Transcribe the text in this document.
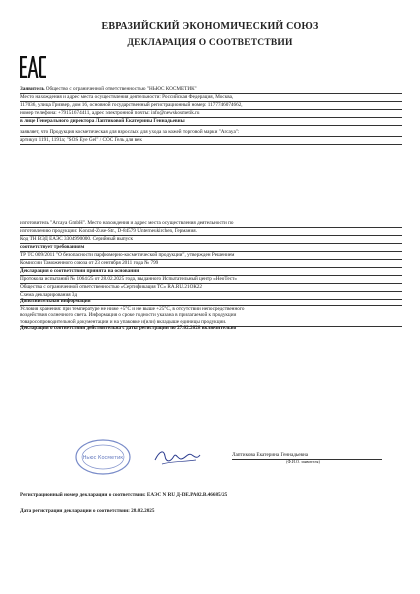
ЕВРАЗИЙСКИЙ ЭКОНОМИЧЕСКИЙ СОЮЗ
ДЕКЛАРАЦИЯ О СООТВЕТСТВИИ
Заявитель Общество с ограниченной ответственностью "НЬЮС КОСМЕТИК"
Место нахождения и адрес места осуществления деятельности: Российская Федерация, Москва,
117036, улица Гризвер, дом 16, основной государственный регистрационный номер: 1177746074662,
номер телефона: +79151674411, адрес электронной почты: info@newskosmetik.ru
в лице Генерального директора Лаптиковой Екатерины Геннадьевны
заявляет, что Продукция косметическая для взрослых для ухода за кожей торговой марки "Arcaya":
артикул 1191, 1191a; "SOS Eye Gel" / СОС Гель для век
изготовитель "Arcaya GmbH". Место нахождения и адрес места осуществления деятельности по
изготовлению продукции: Konrad-Zuse-Str., D-84579 Unterneukirchen, Германия.
Код ТН ВЭД ЕАЭС 3304990000. Серийный выпуск
соответствует требованиям
ТР ТС 009/2011 "О безопасности парфюмерно-косметической продукции", утвержден Решением
Комиссии Таможенного союза от 23 сентября 2011 года № 799
Декларация о соответствии принята на основании
Протокола испытаний № 1064/25 от 28.02.2025 года, выданного Испытательный центр «НеоТест»
Общества с ограниченной ответственностью «Сертификация ТС» RA.RU.21ОК22
Схема декларирования 3д
Дополнительная информация
Условия хранения: при температуре не ниже +5°С и не выше +25°С, в отсутствии непосредственного
воздействия солнечного света. Информация о сроке годности указана в прилагаемой к продукции
товаросопроводительной документации и на упаковке и(или) вкладыше единицы продукции.
Декларация о соответствии действительна с даты регистрации по 27.02.2028 включительно
Ньюс Косметик	Лаптикова Екатерина Геннадьевна
(Ф.И.О. заявителя)
Регистрационный номер декларации о соответствии: ЕАЭС N RU Д-DE.РА02.В.46685/25
Дата регистрации декларации о соответствии: 28.02.2025
